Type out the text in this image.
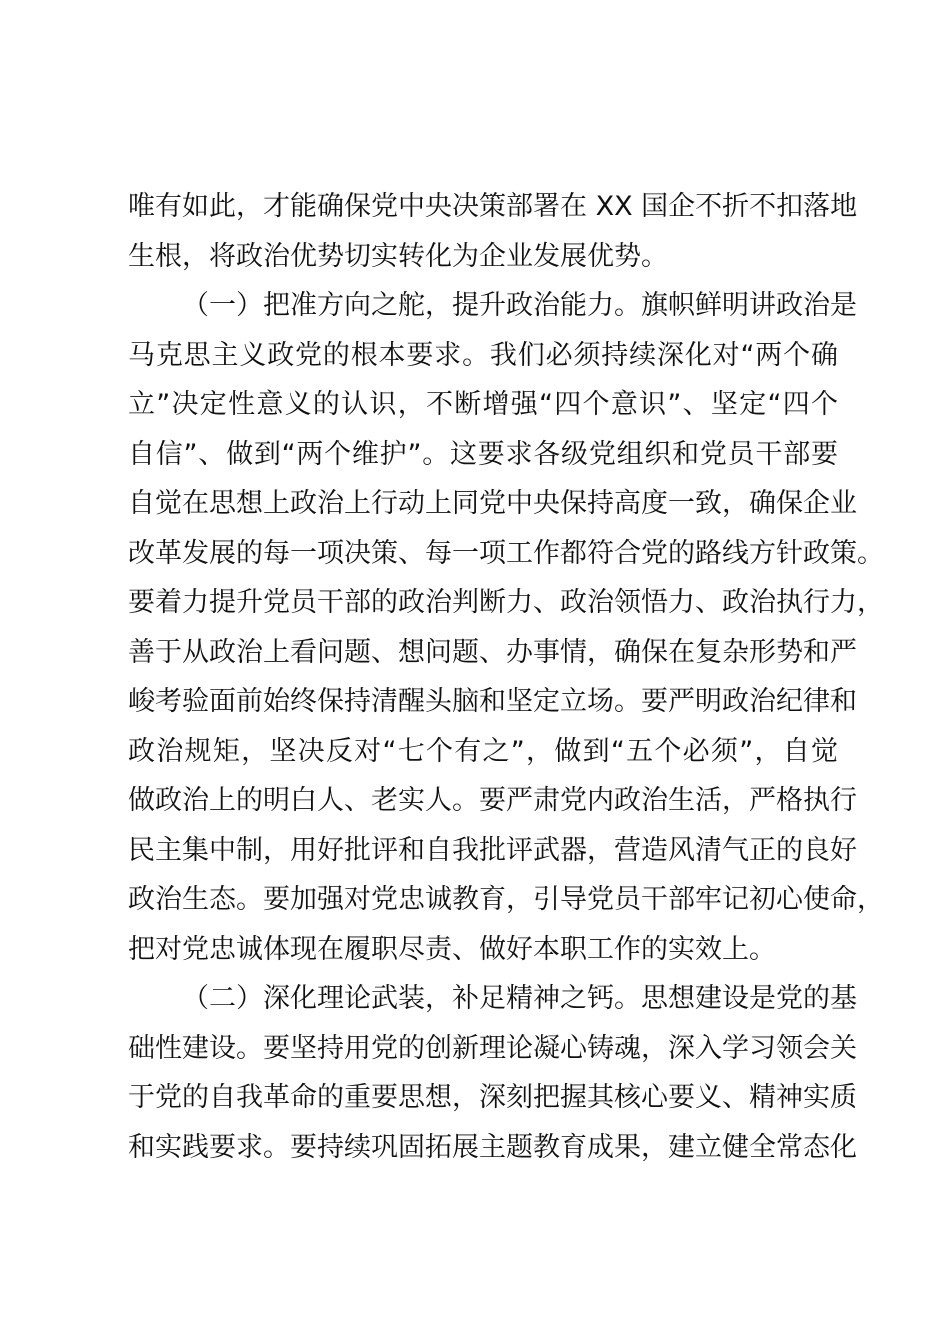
唯有如此，才能确保党中央决策部署在 XX 国企不折不扣落地
生根，将政治优势切实转化为企业发展优势。
（一）把准方向之舵，提升政治能力。旗帜鲜明讲政治是
马克思主义政党的根本要求。我们必须持续深化对“两个确
立”决定性意义的认识，不断增强“四个意识”、坚定“四个
自信”、做到“两个维护”。这要求各级党组织和党员干部要
自觉在思想上政治上行动上同党中央保持高度一致，确保企业
改革发展的每一项决策、每一项工作都符合党的路线方针政策。
要着力提升党员干部的政治判断力、政治领悟力、政治执行力，
善于从政治上看问题、想问题、办事情，确保在复杂形势和严
峻考验面前始终保持清醒头脑和坚定立场。要严明政治纪律和
政治规矩，坚决反对“七个有之”，做到“五个必须”，自觉
做政治上的明白人、老实人。要严肃党内政治生活，严格执行
民主集中制，用好批评和自我批评武器，营造风清气正的良好
政治生态。要加强对党忠诚教育，引导党员干部牢记初心使命，
把对党忠诚体现在履职尽责、做好本职工作的实效上。
（二）深化理论武装，补足精神之钙。思想建设是党的基
础性建设。要坚持用党的创新理论凝心铸魂，深入学习领会关
于党的自我革命的重要思想，深刻把握其核心要义、精神实质
和实践要求。要持续巩固拓展主题教育成果，建立健全常态化
